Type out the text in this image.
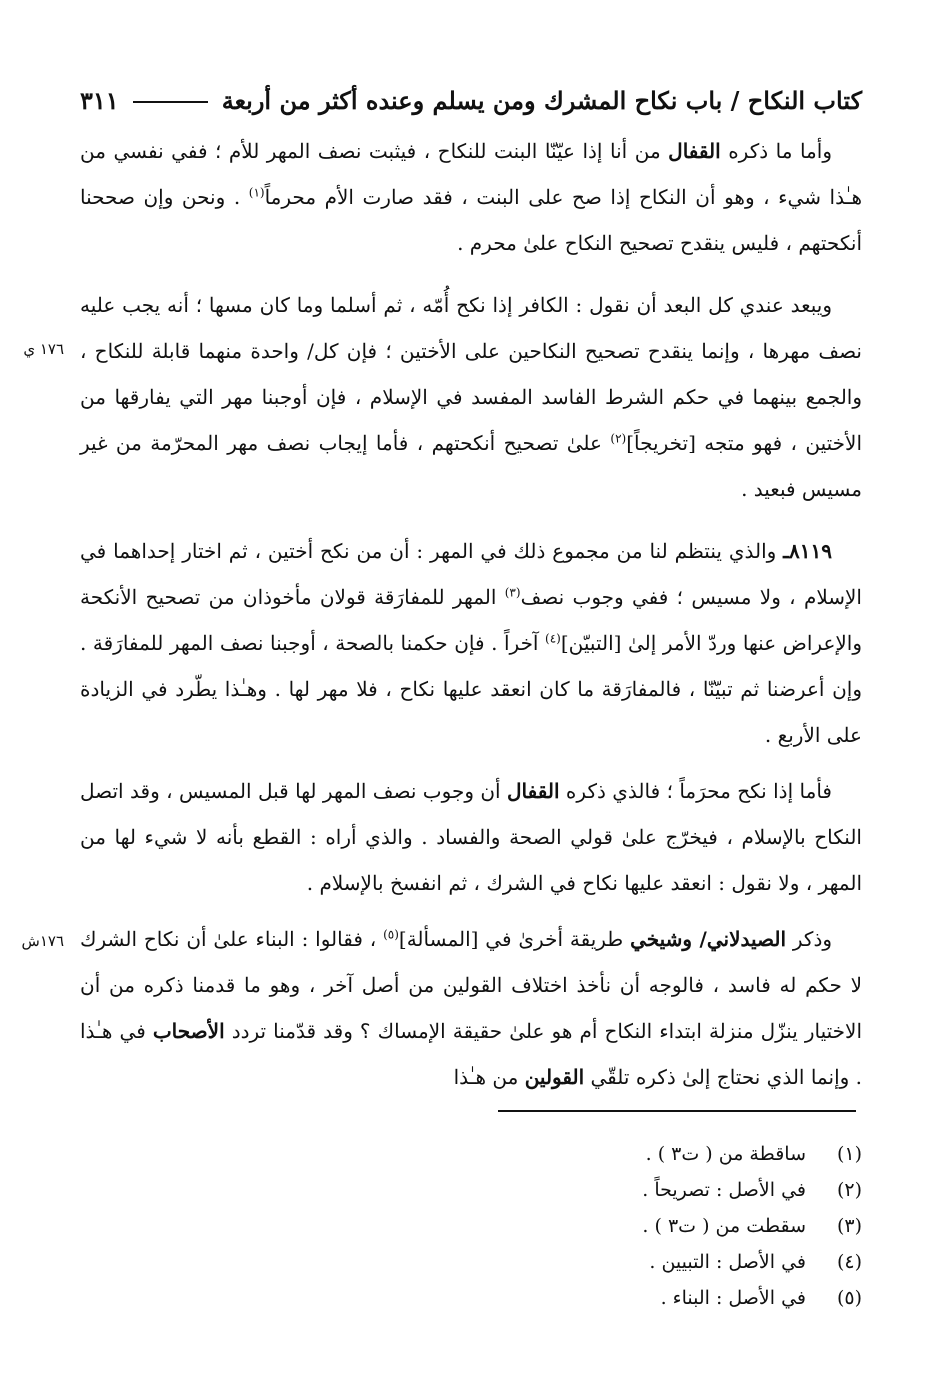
كتاب النكاح / باب نكاح المشرك ومن يسلم وعنده أكثر من أربعة
٣١١
١٧٦ ي
١٧٦ش

وأما ما ذكره القفال من أنا إذا عيّنّا البنت للنكاح ، فيثبت نصف المهر للأم ؛ ففي نفسي من هـٰذا شيء ، وهو أن النكاح إذا صح على البنت ، فقد صارت الأم محرماً$^{(١)}$ . ونحن وإن صححنا أنكحتهم ، فليس ينقدح تصحيح النكاح علىٰ محرم .

ويبعد عندي كل البعد أن نقول : الكافر إذا نكح أُمّه ، ثم أسلما وما كان مسها ؛ أنه يجب عليه نصف مهرها ، وإنما ينقدح تصحيح النكاحين على الأختين ؛ فإن كل/ واحدة منهما قابلة للنكاح ، والجمع بينهما في حكم الشرط الفاسد المفسد في الإسلام ، فإن أوجبنا مهر التي يفارقها من الأختين ، فهو متجه [تخريجاً]$^{(٢)}$ علىٰ تصحيح أنكحتهم ، فأما إيجاب نصف مهر المحرّمة من غير مسيس فبعيد .

٨١١٩ـ والذي ينتظم لنا من مجموع ذلك في المهر : أن من نكح أختين ، ثم اختار إحداهما في الإسلام ، ولا مسيس ؛ ففي وجوب نصف$^{(٣)}$ المهر للمفارَقة قولان مأخوذان من تصحيح الأنكحة والإعراض عنها وردّ الأمر إلىٰ [التبيّن]$^{(٤)}$ آخراً . فإن حكمنا بالصحة ، أوجبنا نصف المهر للمفارَقة . وإن أعرضنا ثم تبيّنّا ، فالمفارَقة ما كان انعقد عليها نكاح ، فلا مهر لها . وهـٰذا يطّرد في الزيادة على الأربع .

فأما إذا نكح محرَماً ؛ فالذي ذكره القفال أن وجوب نصف المهر لها قبل المسيس ، وقد اتصل النكاح بالإسلام ، فيخرّج علىٰ قولي الصحة والفساد . والذي أراه : القطع بأنه لا شيء لها من المهر ، ولا نقول : انعقد عليها نكاح في الشرك ، ثم انفسخ بالإسلام .

وذكر الصيدلاني/ وشيخي طريقة أخرىٰ في [المسألة]$^{(٥)}$ ، فقالوا : البناء علىٰ أن نكاح الشرك لا حكم له فاسد ، فالوجه أن نأخذ اختلاف القولين من أصل آخر ، وهو ما قدمنا ذكره من أن الاختيار ينزّل منزلة ابتداء النكاح أم هو علىٰ حقيقة الإمساك ؟ وقد قدّمنا تردد الأصحاب في هـٰذا . وإنما الذي نحتاج إلىٰ ذكره تلقّي القولين من هـٰذا

(١)
ساقطة من ( ت٣ ) .
(٢)
في الأصل : تصريحاً .
(٣)
سقطت من ( ت٣ ) .
(٤)
في الأصل : التبيين .
(٥)
في الأصل : البناء .
